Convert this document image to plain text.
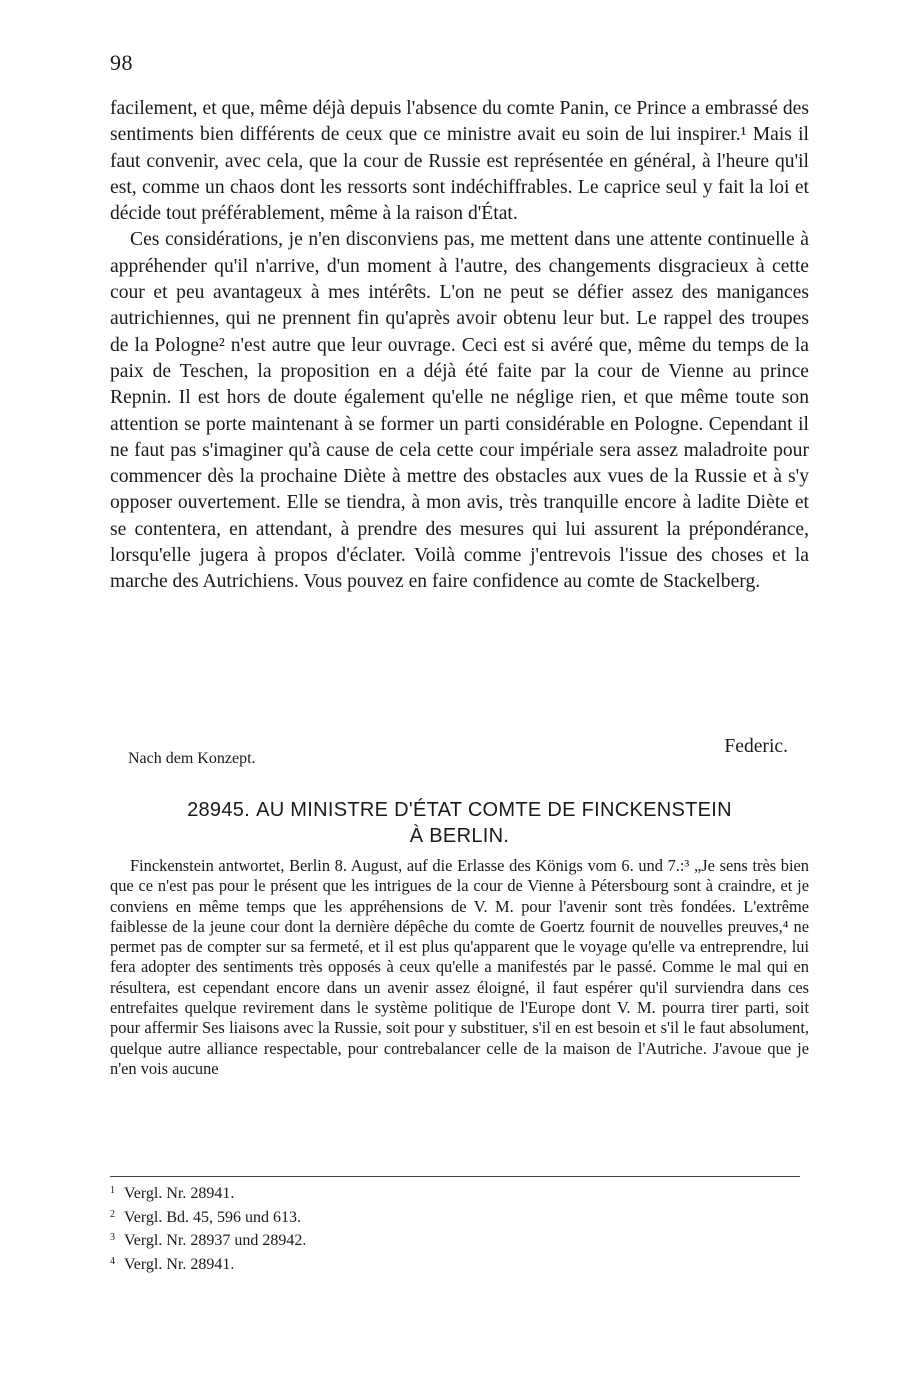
98

facilement, et que, même déjà depuis l'absence du comte Panin, ce Prince a embrassé des sentiments bien différents de ceux que ce ministre avait eu soin de lui inspirer.¹ Mais il faut convenir, avec cela, que la cour de Russie est représentée en général, à l'heure qu'il est, comme un chaos dont les ressorts sont indéchiffrables. Le caprice seul y fait la loi et décide tout préférablement, même à la raison d'État.

Ces considérations, je n'en disconviens pas, me mettent dans une attente continuelle à appréhender qu'il n'arrive, d'un moment à l'autre, des changements disgracieux à cette cour et peu avantageux à mes intérêts. L'on ne peut se défier assez des manigances autrichiennes, qui ne prennent fin qu'après avoir obtenu leur but. Le rappel des troupes de la Pologne² n'est autre que leur ouvrage. Ceci est si avéré que, même du temps de la paix de Teschen, la proposition en a déjà été faite par la cour de Vienne au prince Repnin. Il est hors de doute également qu'elle ne néglige rien, et que même toute son attention se porte maintenant à se former un parti considérable en Pologne. Cependant il ne faut pas s'imaginer qu'à cause de cela cette cour impériale sera assez maladroite pour commencer dès la prochaine Diète à mettre des obstacles aux vues de la Russie et à s'y opposer ouvertement. Elle se tiendra, à mon avis, très tranquille encore à ladite Diète et se contentera, en attendant, à prendre des mesures qui lui assurent la prépondérance, lorsqu'elle jugera à propos d'éclater. Voilà comme j'entrevois l'issue des choses et la marche des Autrichiens. Vous pouvez en faire confidence au comte de Stackelberg.

Nach dem Konzept.
Federic.
28945. AU MINISTRE D'ÉTAT COMTE DE FINCKENSTEIN
À BERLIN.

Finckenstein antwortet, Berlin 8. August, auf die Erlasse des Königs vom 6. und 7.:³ „Je sens très bien que ce n'est pas pour le présent que les intrigues de la cour de Vienne à Pétersbourg sont à craindre, et je conviens en même temps que les appréhensions de V. M. pour l'avenir sont très fondées. L'extrême faiblesse de la jeune cour dont la dernière dépêche du comte de Goertz fournit de nouvelles preuves,⁴ ne permet pas de compter sur sa fermeté, et il est plus qu'apparent que le voyage qu'elle va entreprendre, lui fera adopter des sentiments très opposés à ceux qu'elle a manifestés par le passé. Comme le mal qui en résultera, est cependant encore dans un avenir assez éloigné, il faut espérer qu'il surviendra dans ces entrefaites quelque revirement dans le système politique de l'Europe dont V. M. pourra tirer parti, soit pour affermir Ses liaisons avec la Russie, soit pour y substituer, s'il en est besoin et s'il le faut absolument, quelque autre alliance respectable, pour contrebalancer celle de la maison de l'Autriche. J'avoue que je n'en vois aucune

1 Vergl. Nr. 28941.
2 Vergl. Bd. 45, 596 und 613.
3 Vergl. Nr. 28937 und 28942.
4 Vergl. Nr. 28941.
